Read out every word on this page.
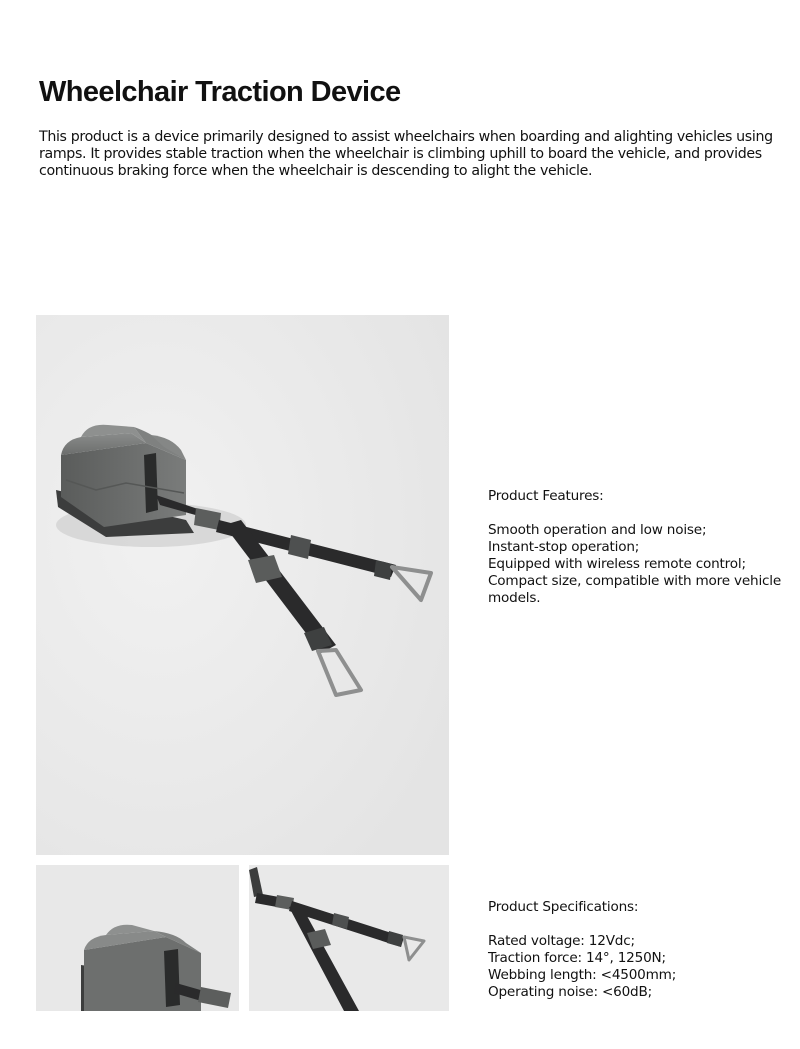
Wheelchair Traction Device

This product is a device primarily designed to assist wheelchairs when boarding and alighting vehicles using ramps. It provides stable traction when the wheelchair is climbing uphill to board the vehicle, and provides continuous braking force when the wheelchair is descending to alight the vehicle.

Product Features:
Smooth operation and low noise;
Instant-stop operation;
Equipped with wireless remote control;
Compact size, compatible with more vehicle models.
Product Specifications:
Rated voltage: 12Vdc;
Traction force: 14°, 1250N;
Webbing length: <4500mm;
Operating noise: <60dB;
